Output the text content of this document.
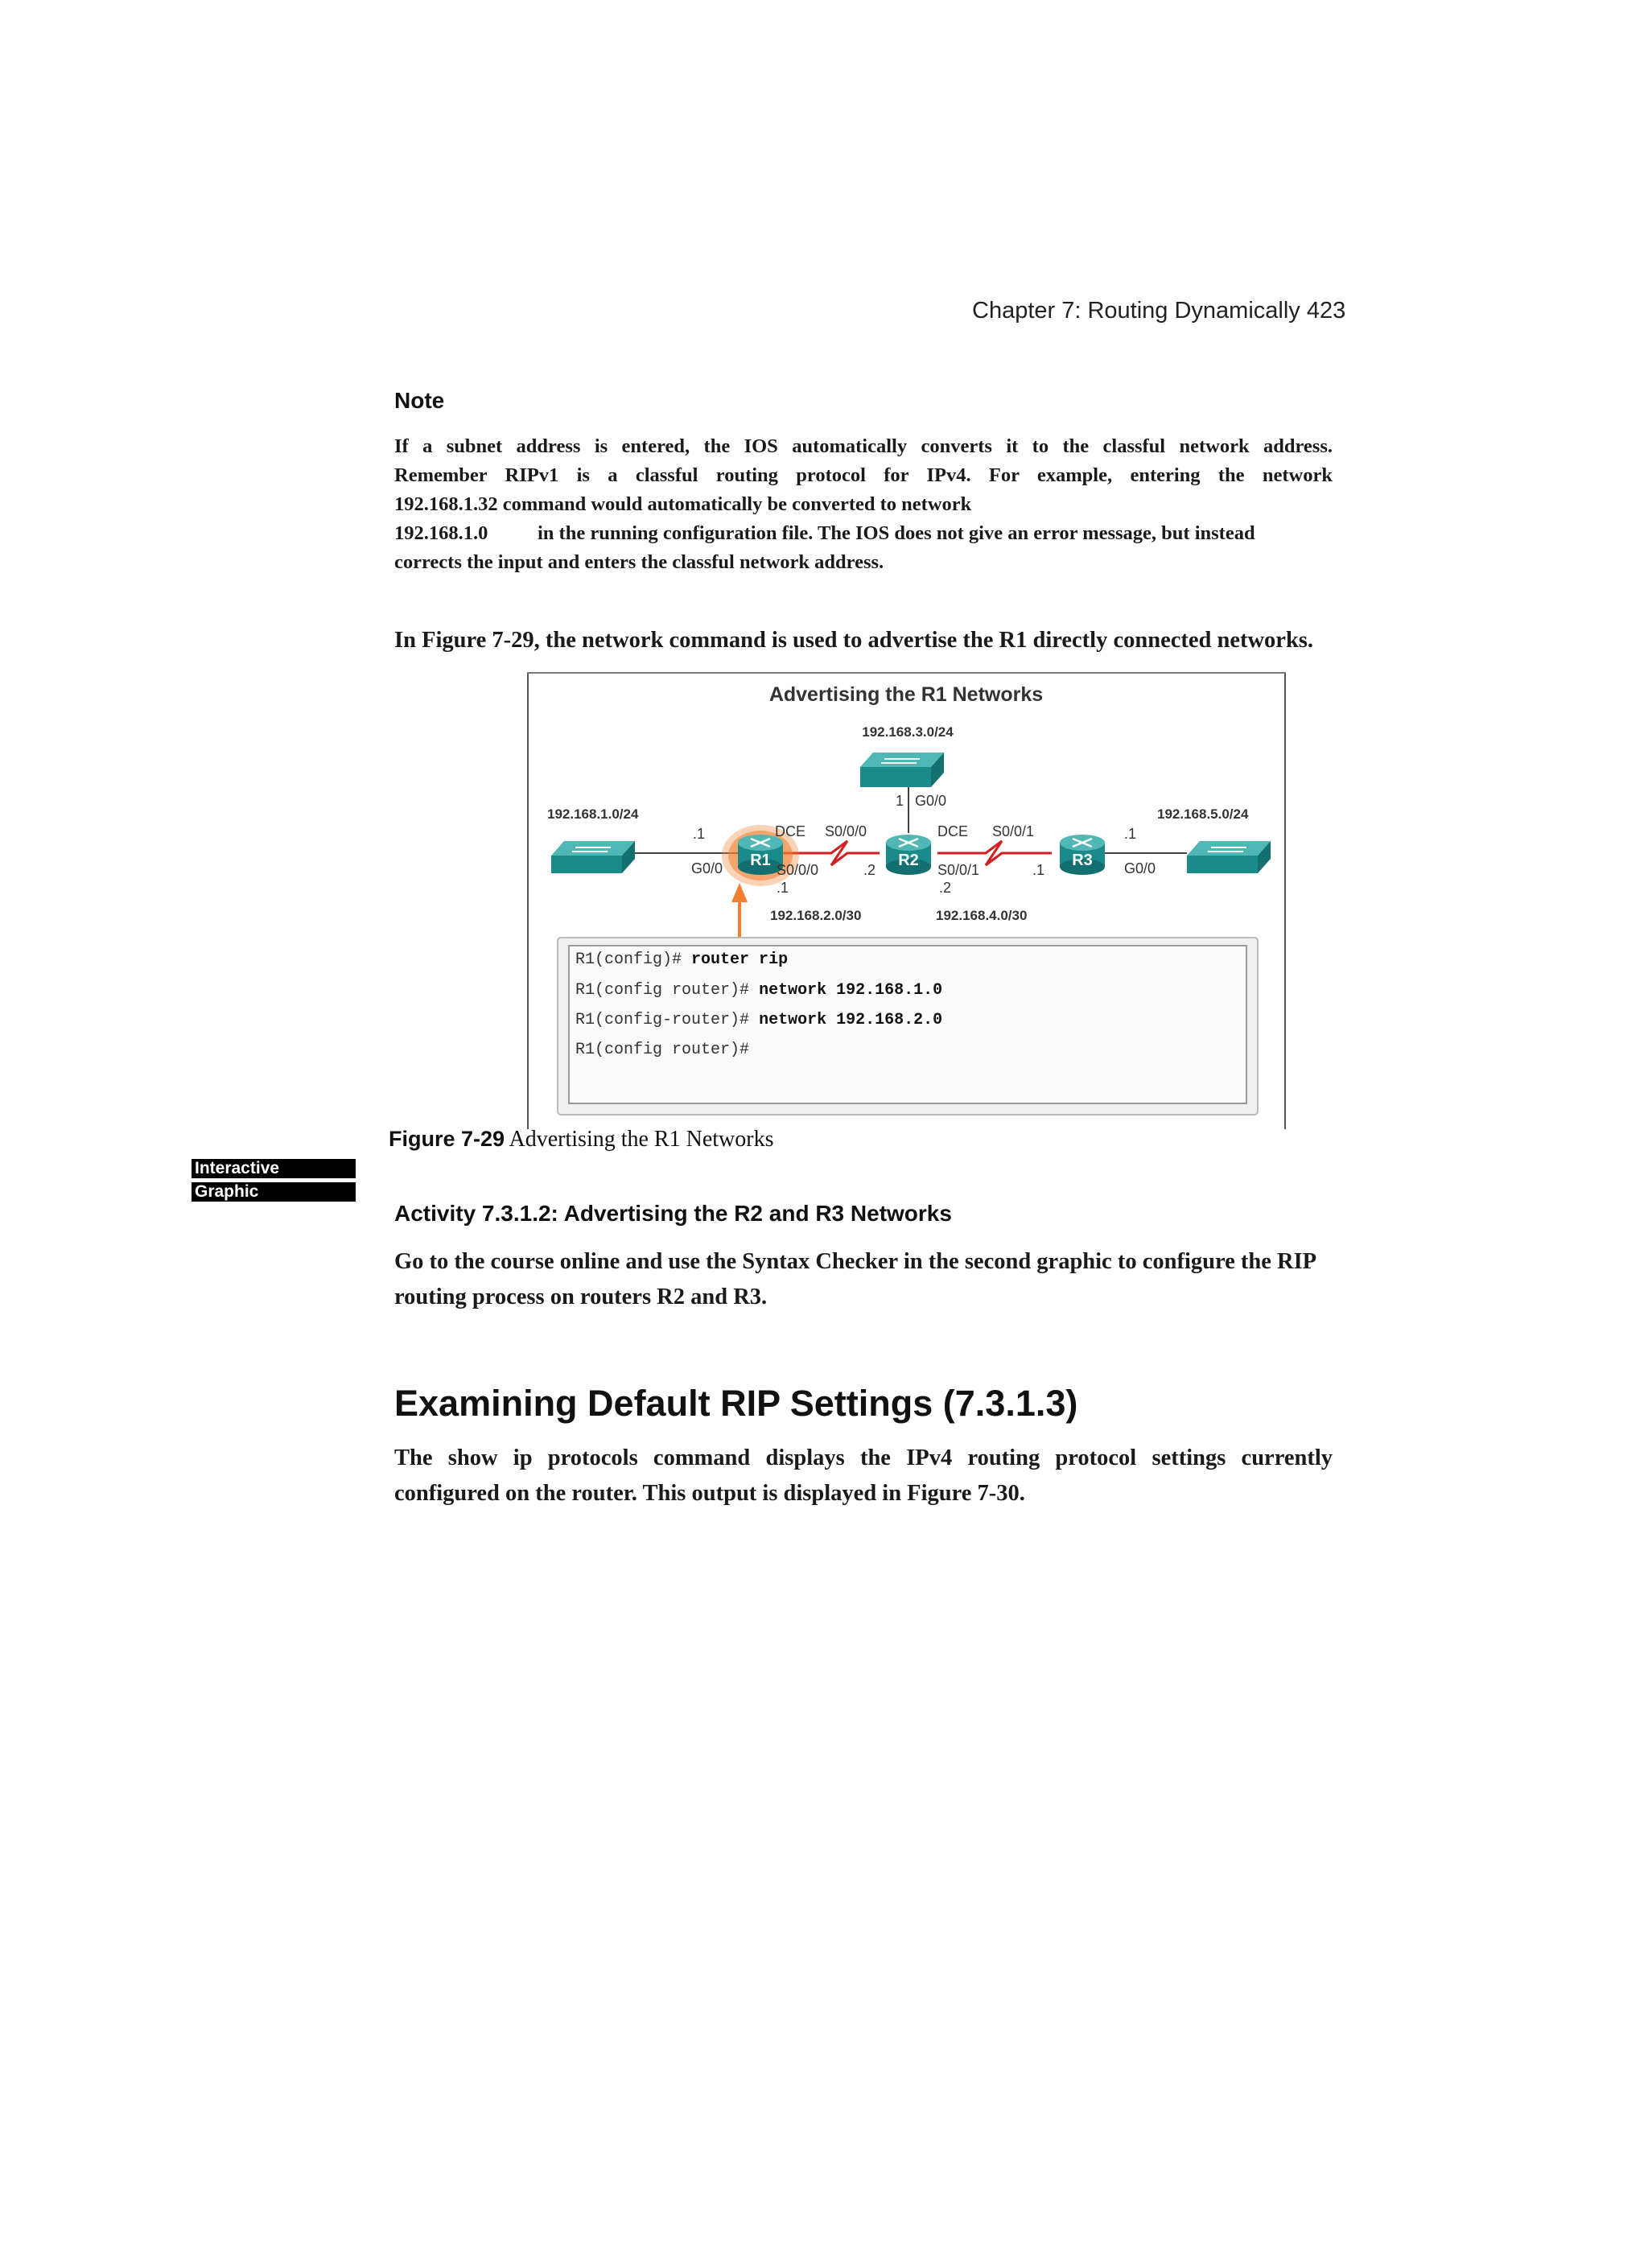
Chapter 7: Routing Dynamically 423
Note
If a subnet address is entered, the IOS automatically converts it to the classful network address.
Remember RIPv1 is a classful routing protocol for IPv4. For example, entering the network
192.168.1.32 command would automatically be converted to network
192.168.1.0	in the running configuration file. The IOS does not give an error message, but instead
corrects the input and enters the classful network address.
In Figure 7-29, the network command is used to advertise the R1 directly connected networks.
Advertising the R1 Networks
192.168.3.0/24
192.168.1.0/24	192.168.5.0/24
192.168.2.0/30	192.168.4.0/30
R1	R2	R3
G0/0
.1	DCE
S0/0/0
.1
S0/0/0
.2
DCE S0/0/1
S0/0/1
.2
G0/0
1
.1
.1
G0/0
R1(config)# router rip
R1(config router)# network 192.168.1.0
R1(config-router)# network 192.168.2.0
R1(config router)#
Figure 7-29 Advertising the R1 Networks
Interactive
Graphic
Activity 7.3.1.2: Advertising the R2 and R3 Networks
Go to the course online and use the Syntax Checker in the second graphic to configure the RIP
routing process on routers R2 and R3.
Examining Default RIP Settings (7.3.1.3)
The show ip protocols command displays the IPv4 routing protocol settings currently
configured on the router. This output is displayed in Figure 7-30.
